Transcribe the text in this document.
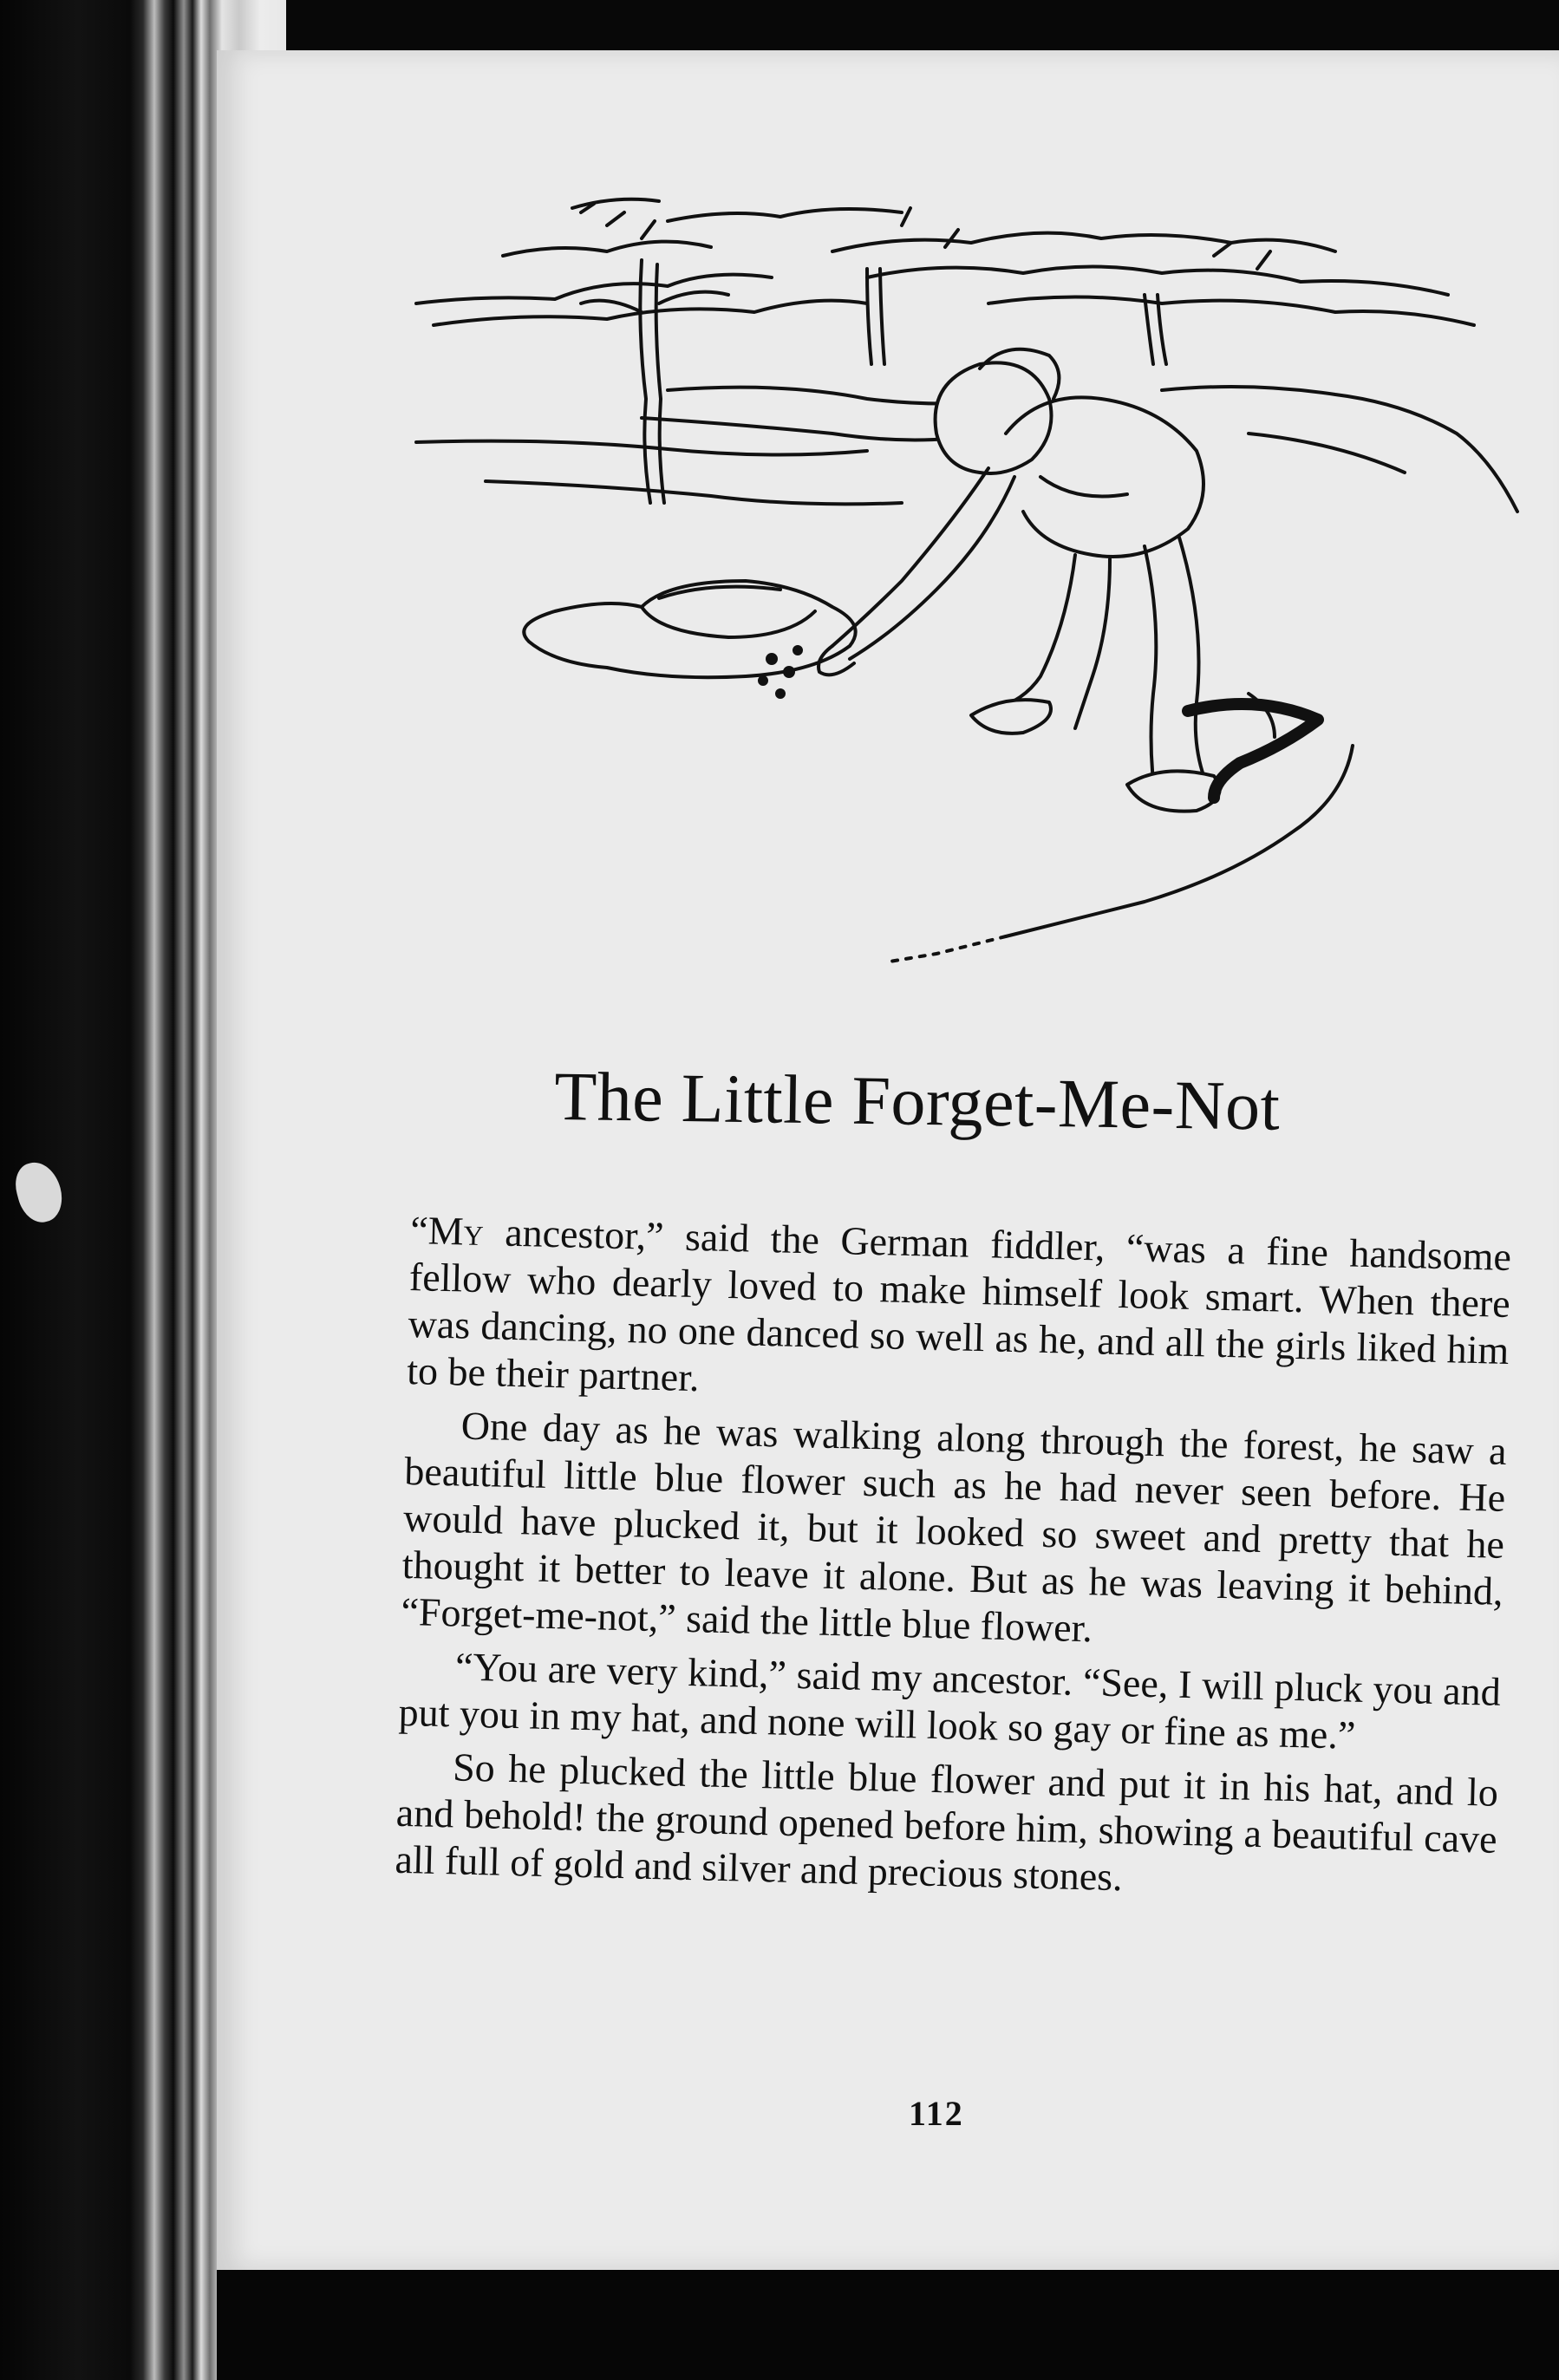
The Little Forget-Me-Not

“My ancestor,” said the German fiddler, “was a fine handsome fellow who dearly loved to make himself look smart. When there was dancing, no one danced so well as he, and all the girls liked him to be their partner.

One day as he was walking along through the forest, he saw a beautiful little blue flower such as he had never seen before. He would have plucked it, but it looked so sweet and pretty that he thought it better to leave it alone. But as he was leaving it behind, “Forget-me-not,” said the little blue flower.

“You are very kind,” said my ancestor. “See, I will pluck you and put you in my hat, and none will look so gay or fine as me.”

So he plucked the little blue flower and put it in his hat, and lo and behold! the ground opened before him, showing a beautiful cave all full of gold and silver and precious stones.

112
